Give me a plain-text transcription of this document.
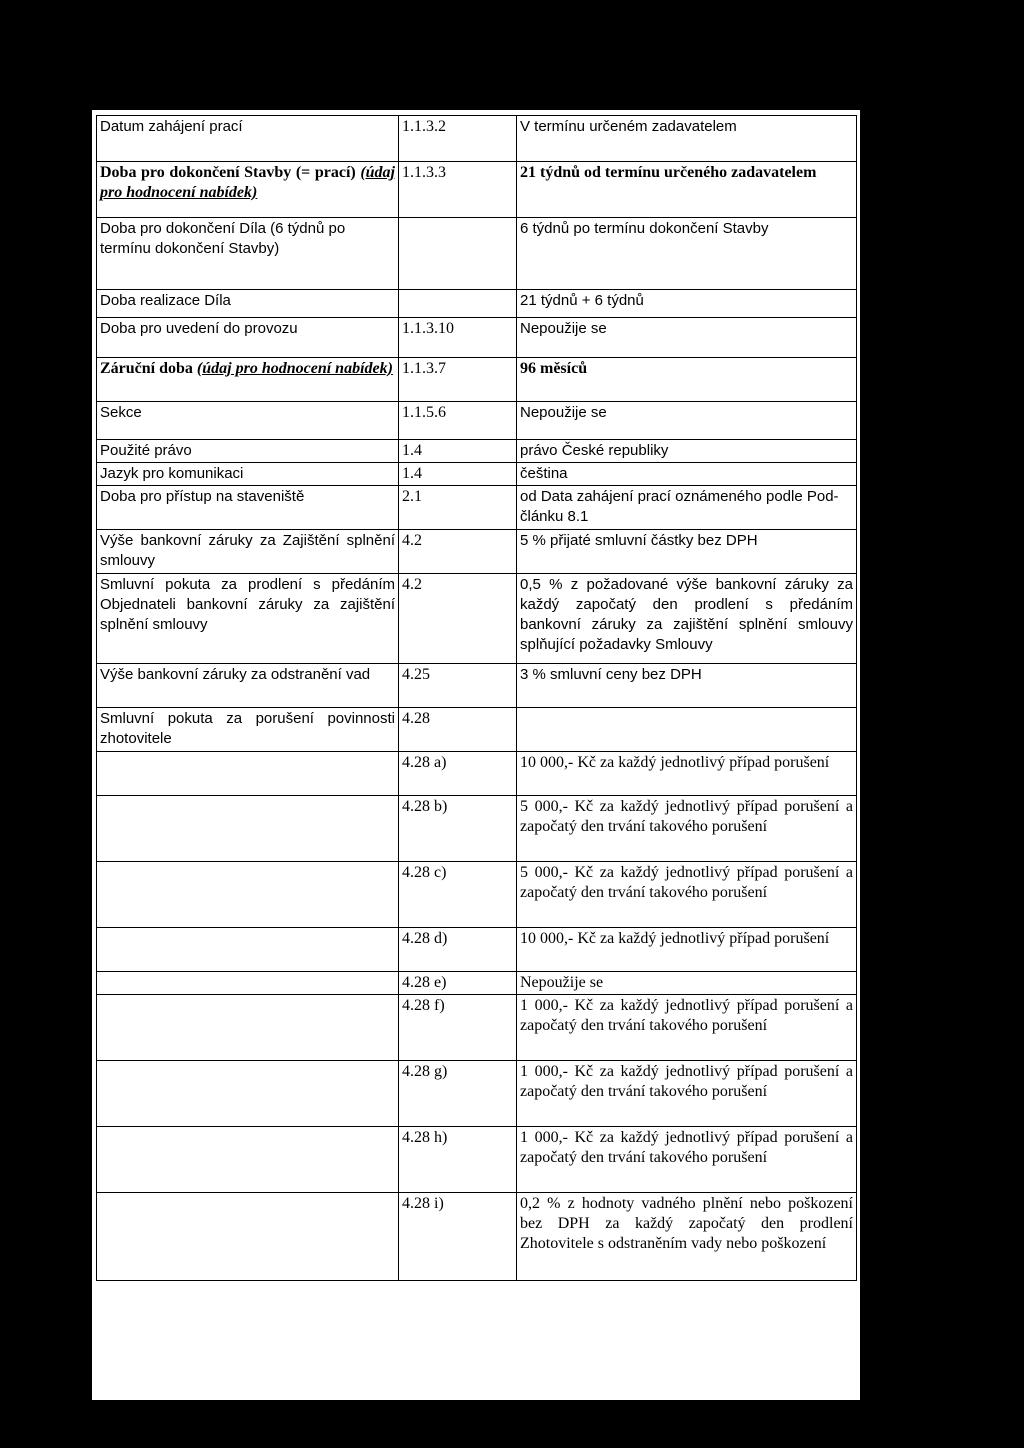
Datum zahájení prací	1.1.3.2	V termínu určeném zadavatelem
Doba pro dokončení Stavby (= prací) (údaj pro hodnocení nabídek)	1.1.3.3	21 týdnů od termínu určeného zadavatelem
Doba pro dokončení Díla (6 týdnů po termínu dokončení Stavby)		6 týdnů po termínu dokončení Stavby
Doba realizace Díla		21 týdnů + 6 týdnů
Doba pro uvedení do provozu	1.1.3.10	Nepoužije se
Záruční doba (údaj pro hodnocení nabídek)	1.1.3.7	96 měsíců
Sekce	1.1.5.6	Nepoužije se
Použité právo	1.4	právo České republiky
Jazyk pro komunikaci	1.4	čeština
Doba pro přístup na staveniště	2.1	od Data zahájení prací oznámeného podle Pod-článku 8.1
Výše bankovní záruky za Zajištění splnění smlouvy	4.2	5 % přijaté smluvní částky bez DPH
Smluvní pokuta za prodlení s předáním Objednateli bankovní záruky za zajištění splnění smlouvy	4.2	0,5 % z požadované výše bankovní záruky za každý započatý den prodlení s předáním bankovní záruky za zajištění splnění smlouvy splňující požadavky Smlouvy
Výše bankovní záruky za odstranění vad	4.25	3 % smluvní ceny bez DPH
Smluvní pokuta za porušení povinnosti zhotovitele	4.28	
	4.28 a)	10 000,- Kč za každý jednotlivý případ porušení
	4.28 b)	5 000,- Kč za každý jednotlivý případ porušení a započatý den trvání takového porušení
	4.28 c)	5 000,- Kč za každý jednotlivý případ porušení a započatý den trvání takového porušení
	4.28 d)	10 000,- Kč za každý jednotlivý případ porušení
	4.28 e)	Nepoužije se
	4.28 f)	1 000,- Kč za každý jednotlivý případ porušení a započatý den trvání takového porušení
	4.28 g)	1 000,- Kč za každý jednotlivý případ porušení a započatý den trvání takového porušení
	4.28 h)	1 000,- Kč za každý jednotlivý případ porušení a započatý den trvání takového porušení
	4.28 i)	0,2 % z hodnoty vadného plnění nebo poškození bez DPH za každý započatý den prodlení Zhotovitele s odstraněním vady nebo poškození
